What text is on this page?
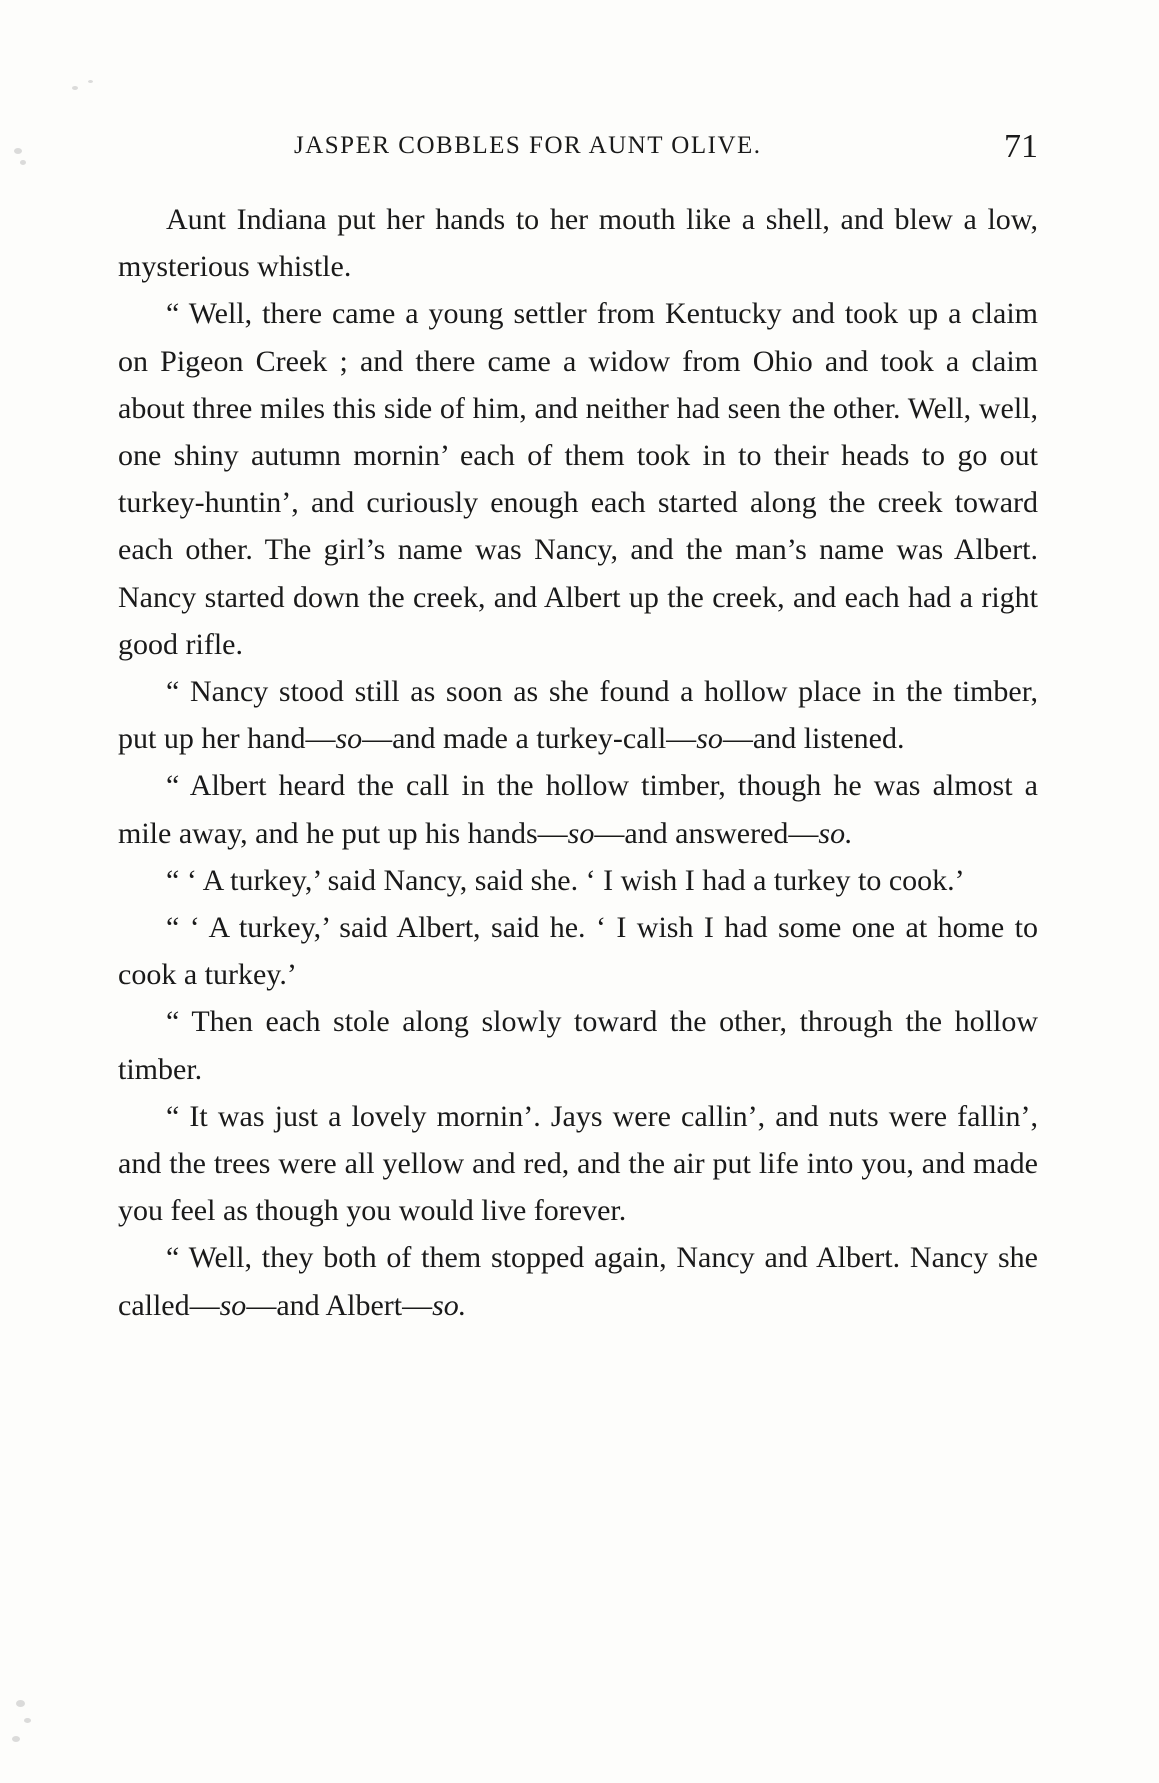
JASPER COBBLES FOR AUNT OLIVE.	71

Aunt Indiana put her hands to her mouth like a shell, and blew a low, mysterious whistle.

“ Well, there came a young settler from Kentucky and took up a claim on Pigeon Creek ; and there came a widow from Ohio and took a claim about three miles this side of him, and neither had seen the other. Well, well, one shiny autumn mornin’ each of them took in to their heads to go out turkey-huntin’, and curiously enough each started along the creek toward each other. The girl’s name was Nancy, and the man’s name was Albert. Nancy started down the creek, and Albert up the creek, and each had a right good rifle.

“ Nancy stood still as soon as she found a hollow place in the timber, put up her hand—so—and made a turkey-call—so—and listened.

“ Albert heard the call in the hollow timber, though he was almost a mile away, and he put up his hands—so—and answered—so.

“ ‘ A turkey,’ said Nancy, said she. ‘ I wish I had a turkey to cook.’

“ ‘ A turkey,’ said Albert, said he. ‘ I wish I had some one at home to cook a turkey.’

“ Then each stole along slowly toward the other, through the hollow timber.

“ It was just a lovely mornin’. Jays were callin’, and nuts were fallin’, and the trees were all yellow and red, and the air put life into you, and made you feel as though you would live forever.

“ Well, they both of them stopped again, Nancy and Albert. Nancy she called—so—and Albert—so.
